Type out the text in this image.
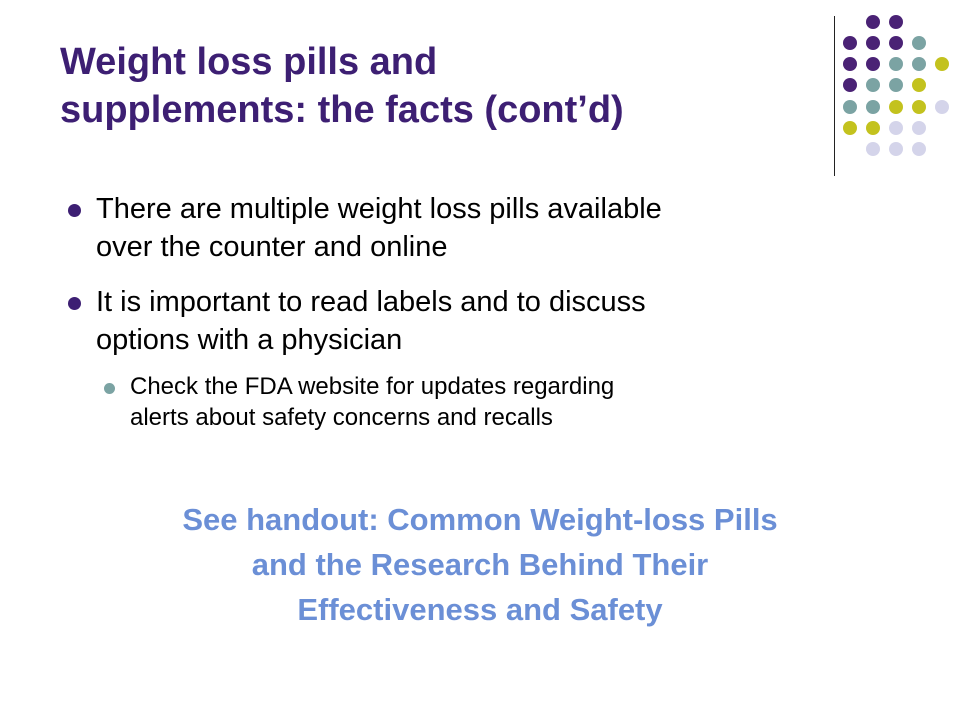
Weight loss pills and
supplements: the facts (cont’d)
There are multiple weight loss pills available
over the counter and online
It is important to read labels and to discuss
options with a physician
Check the FDA website for updates regarding
alerts about safety concerns and recalls
See handout: Common Weight-loss Pills
and the Research Behind Their
Effectiveness and Safety
